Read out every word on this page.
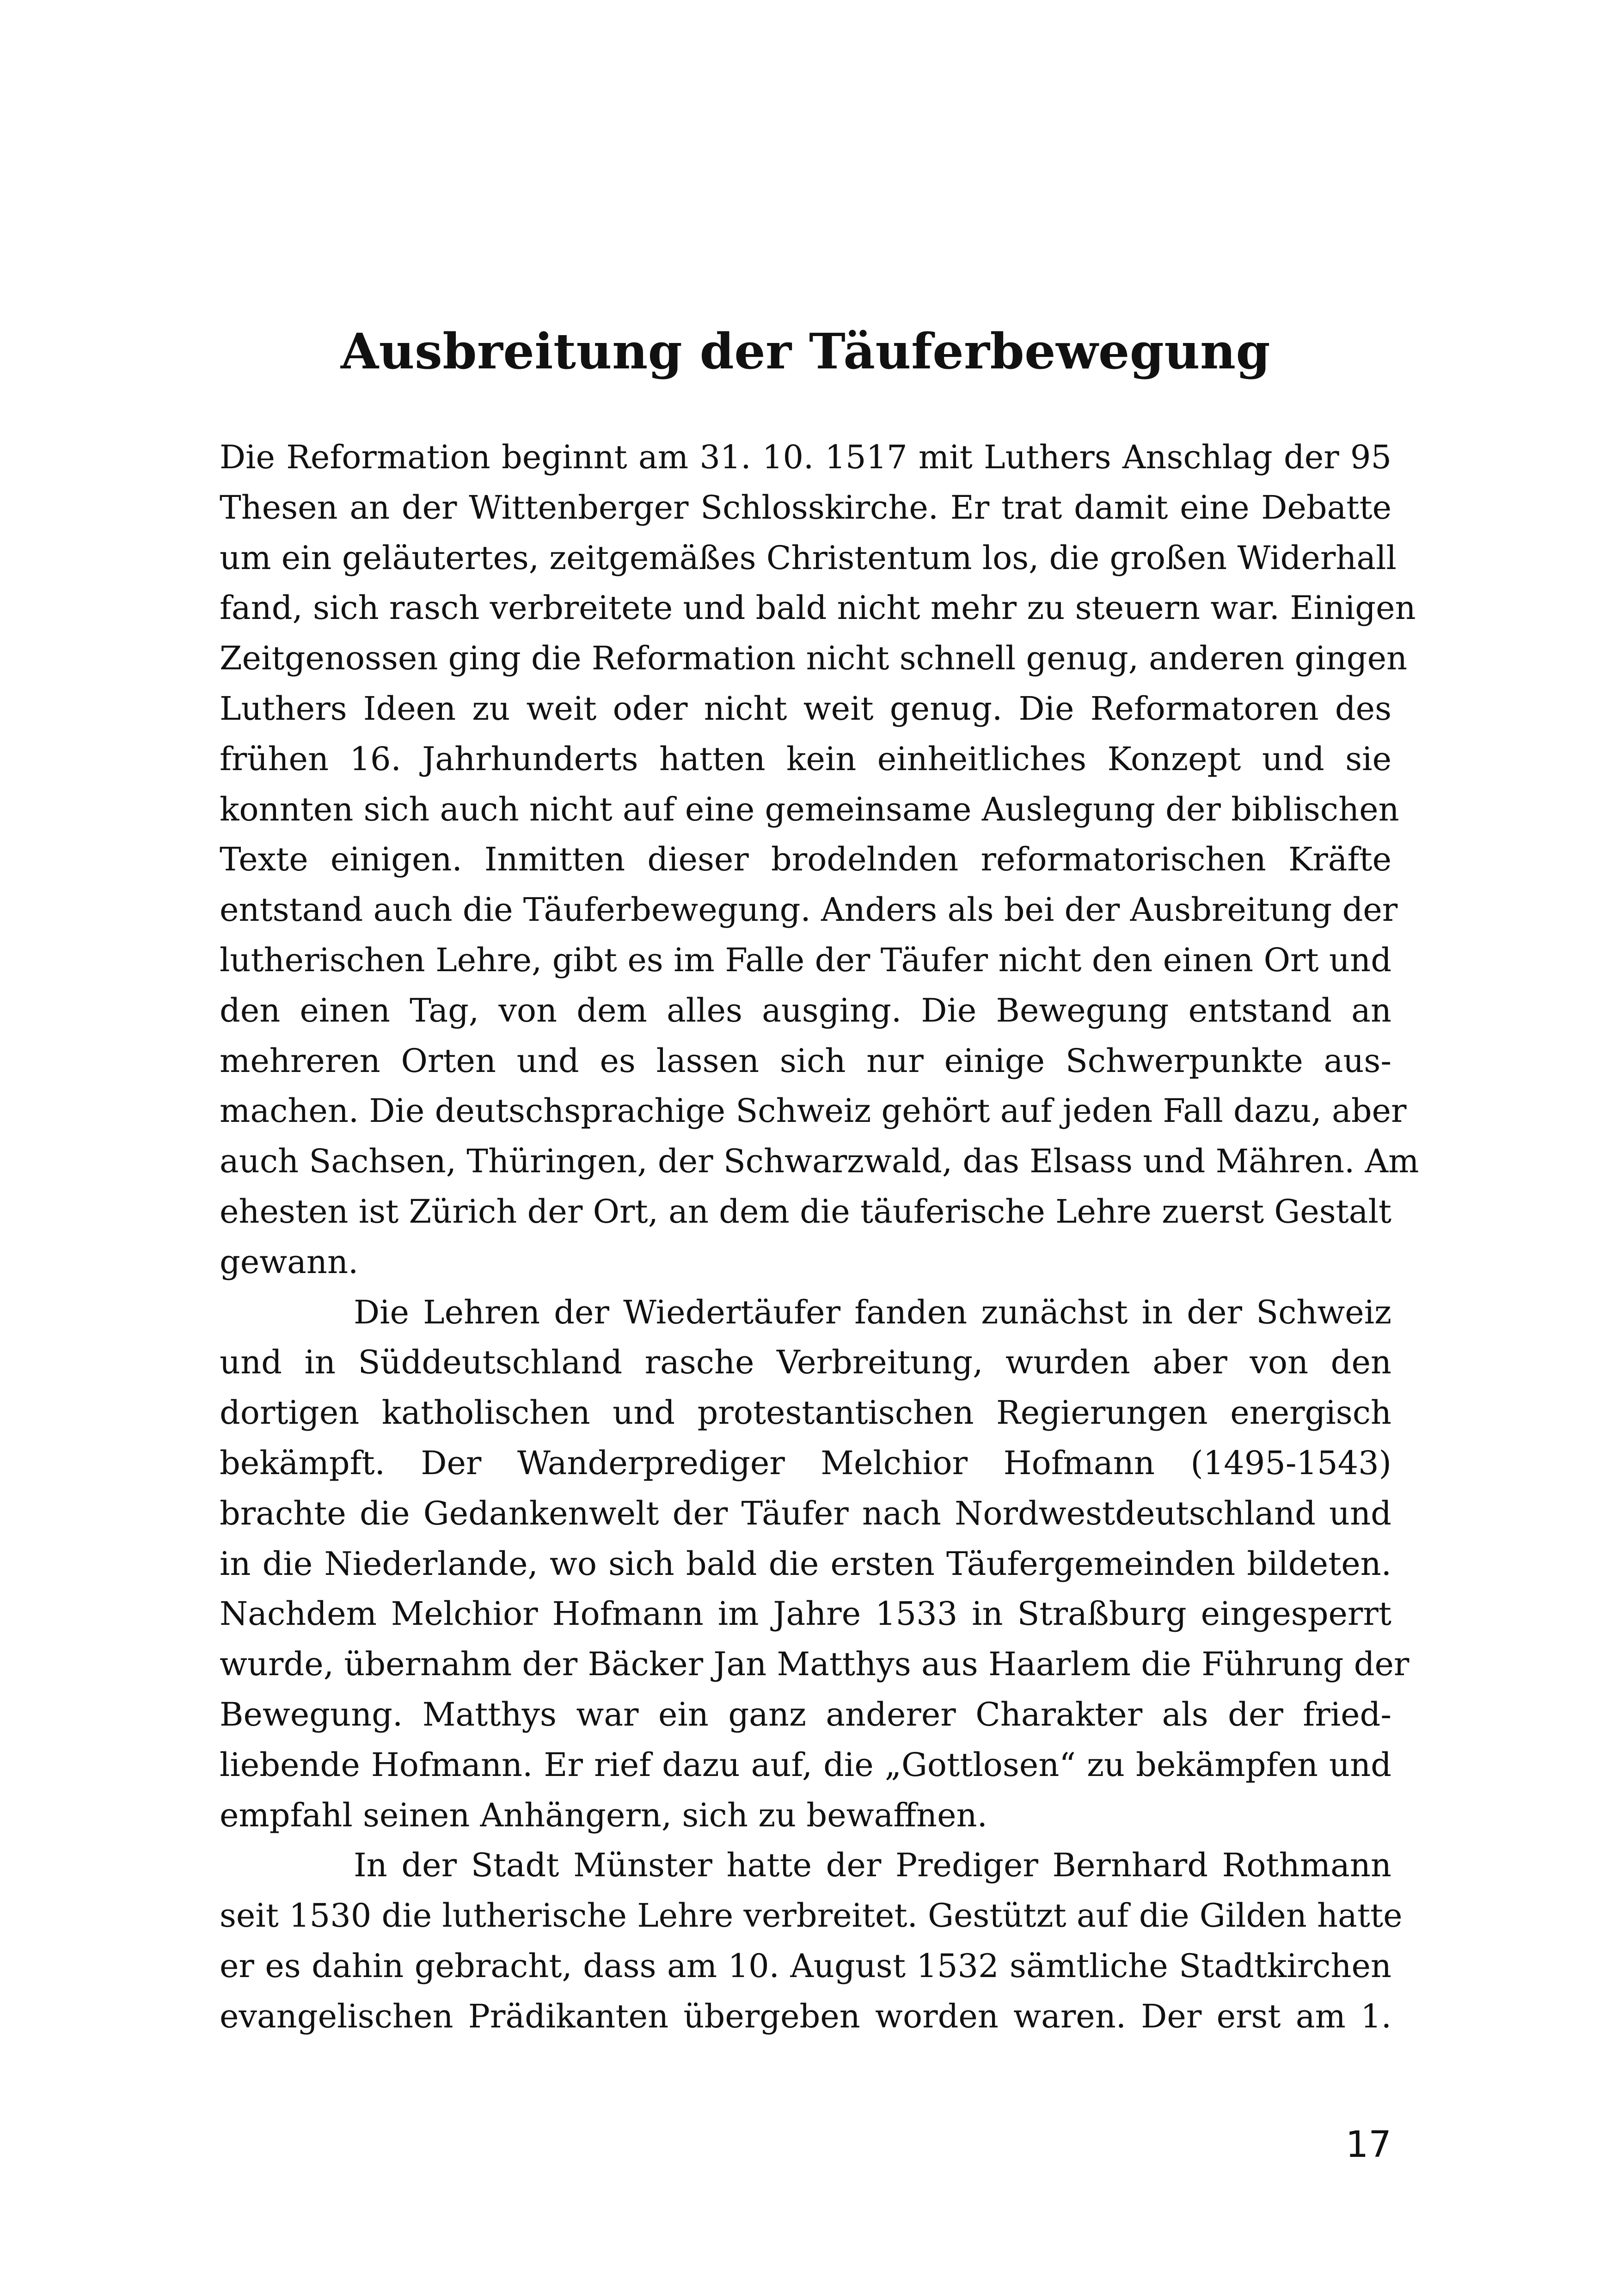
Ausbreitung der Täuferbewegung
Die Reformation beginnt am 31. 10. 1517 mit Luthers Anschlag der 95
Thesen an der Wittenberger Schlosskirche. Er trat damit eine Debatte
um ein geläutertes, zeitgemäßes Christentum los, die großen Widerhall
fand, sich rasch verbreitete und bald nicht mehr zu steuern war. Einigen
Zeitgenossen ging die Reformation nicht schnell genug, anderen gingen
Luthers Ideen zu weit oder nicht weit genug. Die Reformatoren des
frühen 16. Jahrhunderts hatten kein einheitliches Konzept und sie
konnten sich auch nicht auf eine gemeinsame Auslegung der biblischen
Texte einigen. Inmitten dieser brodelnden reformatorischen Kräfte
entstand auch die Täuferbewegung. Anders als bei der Ausbreitung der
lutherischen Lehre, gibt es im Falle der Täufer nicht den einen Ort und
den einen Tag, von dem alles ausging. Die Bewegung entstand an
mehreren Orten und es lassen sich nur einige Schwerpunkte aus-
machen. Die deutschsprachige Schweiz gehört auf jeden Fall dazu, aber
auch Sachsen, Thüringen, der Schwarzwald, das Elsass und Mähren. Am
ehesten ist Zürich der Ort, an dem die täuferische Lehre zuerst Gestalt
gewann.
Die Lehren der Wiedertäufer fanden zunächst in der Schweiz
und in Süddeutschland rasche Verbreitung, wurden aber von den
dortigen katholischen und protestantischen Regierungen energisch
bekämpft. Der Wanderprediger Melchior Hofmann (1495-1543)
brachte die Gedankenwelt der Täufer nach Nordwestdeutschland und
in die Niederlande, wo sich bald die ersten Täufergemeinden bildeten.
Nachdem Melchior Hofmann im Jahre 1533 in Straßburg eingesperrt
wurde, übernahm der Bäcker Jan Matthys aus Haarlem die Führung der
Bewegung. Matthys war ein ganz anderer Charakter als der fried-
liebende Hofmann. Er rief dazu auf, die „Gottlosen“ zu bekämpfen und
empfahl seinen Anhängern, sich zu bewaffnen.
In der Stadt Münster hatte der Prediger Bernhard Rothmann
seit 1530 die lutherische Lehre verbreitet. Gestützt auf die Gilden hatte
er es dahin gebracht, dass am 10. August 1532 sämtliche Stadtkirchen
evangelischen Prädikanten übergeben worden waren. Der erst am 1.
17
